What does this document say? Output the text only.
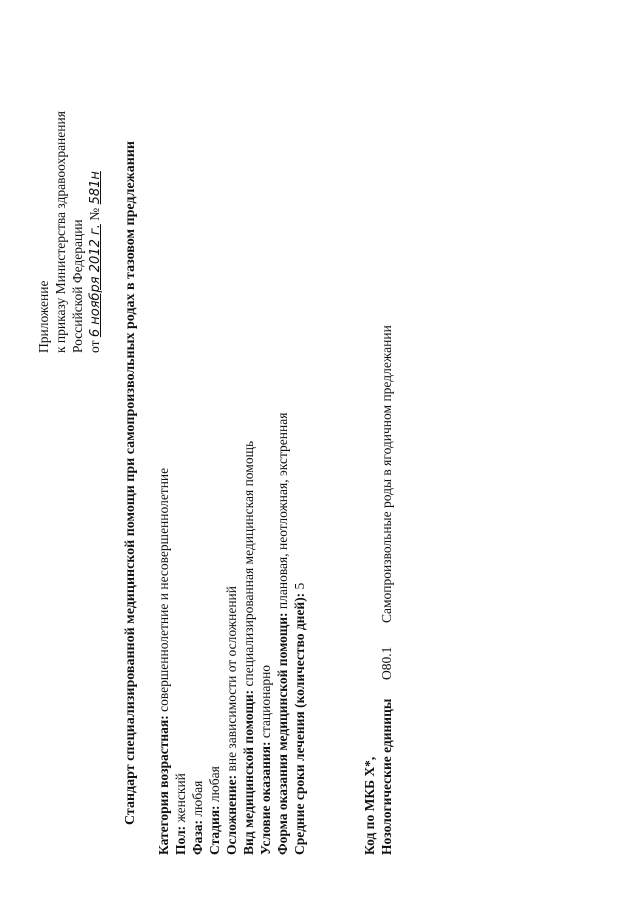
Приложение к приказу Министерства здравоохранения Российской Федерации от 6 ноября 2012 г. № 581н Стандарт специализированной медицинской помощи при самопроизвольных родах в тазовом предлежании Категория возрастная: совершеннолетние и несовершеннолетние
Пол: женский
Фаза: любая
Стадия: любая Осложнение: вне зависимости от осложнений Вид медицинской помощи: специализированная медицинская помощь
Условие оказания: стационарно Форма оказания медицинской помощи: плановая, неотложная, экстренная
Средние сроки лечения (количество дней): 5
Код по МКБ Х*, Нозологические единицы
O80.1
Самопроизвольные роды в ягодичном предлежании
